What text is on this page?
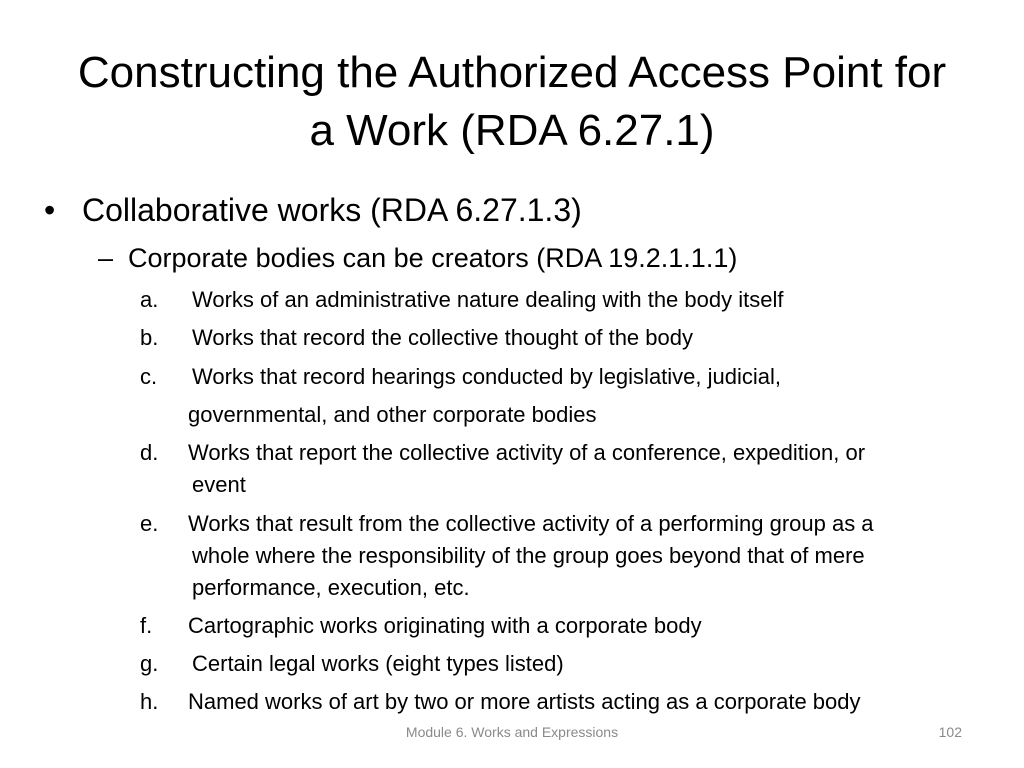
Constructing the Authorized Access Point for
a Work (RDA 6.27.1)
• Collaborative works (RDA 6.27.1.3)
– Corporate bodies can be creators (RDA 19.2.1.1.1)
a. Works of an administrative nature dealing with the body itself
b. Works that record the collective thought of the body
c. Works that record hearings conducted by legislative, judicial,
governmental, and other corporate bodies
d. Works that report the collective activity of a conference, expedition, or
event
e. Works that result from the collective activity of a performing group as a
whole where the responsibility of the group goes beyond that of mere
performance, execution, etc.
f. Cartographic works originating with a corporate body
g. Certain legal works (eight types listed)
h. Named works of art by two or more artists acting as a corporate body
Module 6. Works and Expressions	102
